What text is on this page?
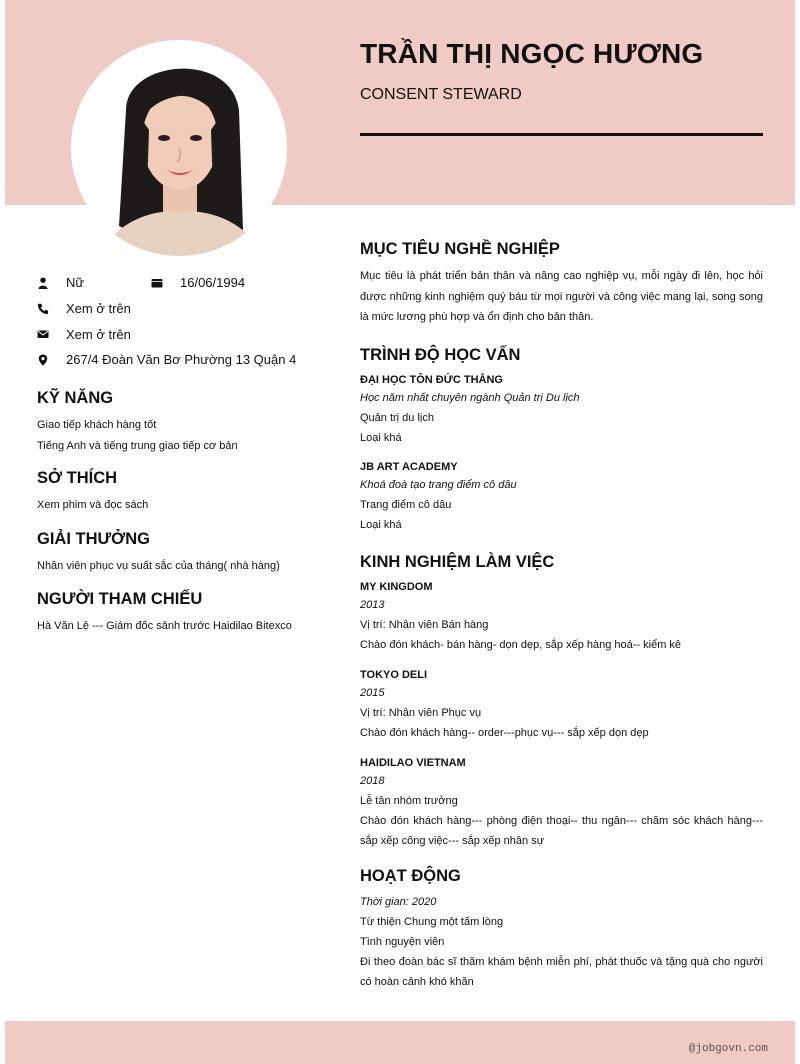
TRẦN THỊ NGỌC HƯƠNG
CONSENT STEWARD
Nữ	16/06/1994
Xem ở trên
Xem ở trên
267/4 Đoàn Văn Bơ Phường 13 Quận 4
KỸ NĂNG

Giao tiếp khách hàng tốt

Tiếng Anh và tiếng trung giao tiếp cơ bản

SỞ THÍCH

Xem phim và đọc sách

GIẢI THƯỞNG

Nhân viên phục vụ suất sắc của tháng( nhà hàng)

NGƯỜI THAM CHIẾU

Hà Văn Lệ --- Giám đốc sảnh trước Haidilao Bitexco

MỤC TIÊU NGHỀ NGHIỆP
Mục tiêu là phát triển bản thân và nâng cao nghiệp vụ, mỗi ngày đi lên, học hỏi được những kinh nghiệm quý báu từ mọi người và công việc mang lại, song song là mức lương phù hợp và ổn định cho bản thân.
TRÌNH ĐỘ HỌC VẤN
ĐẠI HỌC TÔN ĐỨC THẮNG
Học năm nhất chuyên ngành Quản trị Du lịch
Quản trị du lịch
Loại khá
JB ART ACADEMY
Khoá đoà tạo trang điểm cô dâu
Trang điểm cô dâu
Loại khá
KINH NGHIỆM LÀM VIỆC
MY KINGDOM
2013
Vị trí: Nhân viên Bán hàng
Chào đón khách- bán hàng- dọn dẹp, sắp xếp hàng hoá-- kiểm kê
TOKYO DELI
2015
Vị trí: Nhân viên Phục vụ
Chào đón khách hàng-- order---phục vụ--- sắp xếp dọn dẹp
HAIDILAO VIETNAM
2018
Lễ tân nhóm trưởng
Chào đón khách hàng--- phòng điện thoại-- thu ngân--- chăm sóc khách hàng--- sắp xếp công việc--- sắp xếp nhân sự
HOẠT ĐỘNG
Thời gian: 2020
Từ thiện Chung một tấm lòng
Tình nguyện viên
Đi theo đoàn bác sĩ thăm khám bệnh miễn phí, phát thuốc và tặng quà cho người có hoàn cảnh khó khăn
@jobgovn.com
